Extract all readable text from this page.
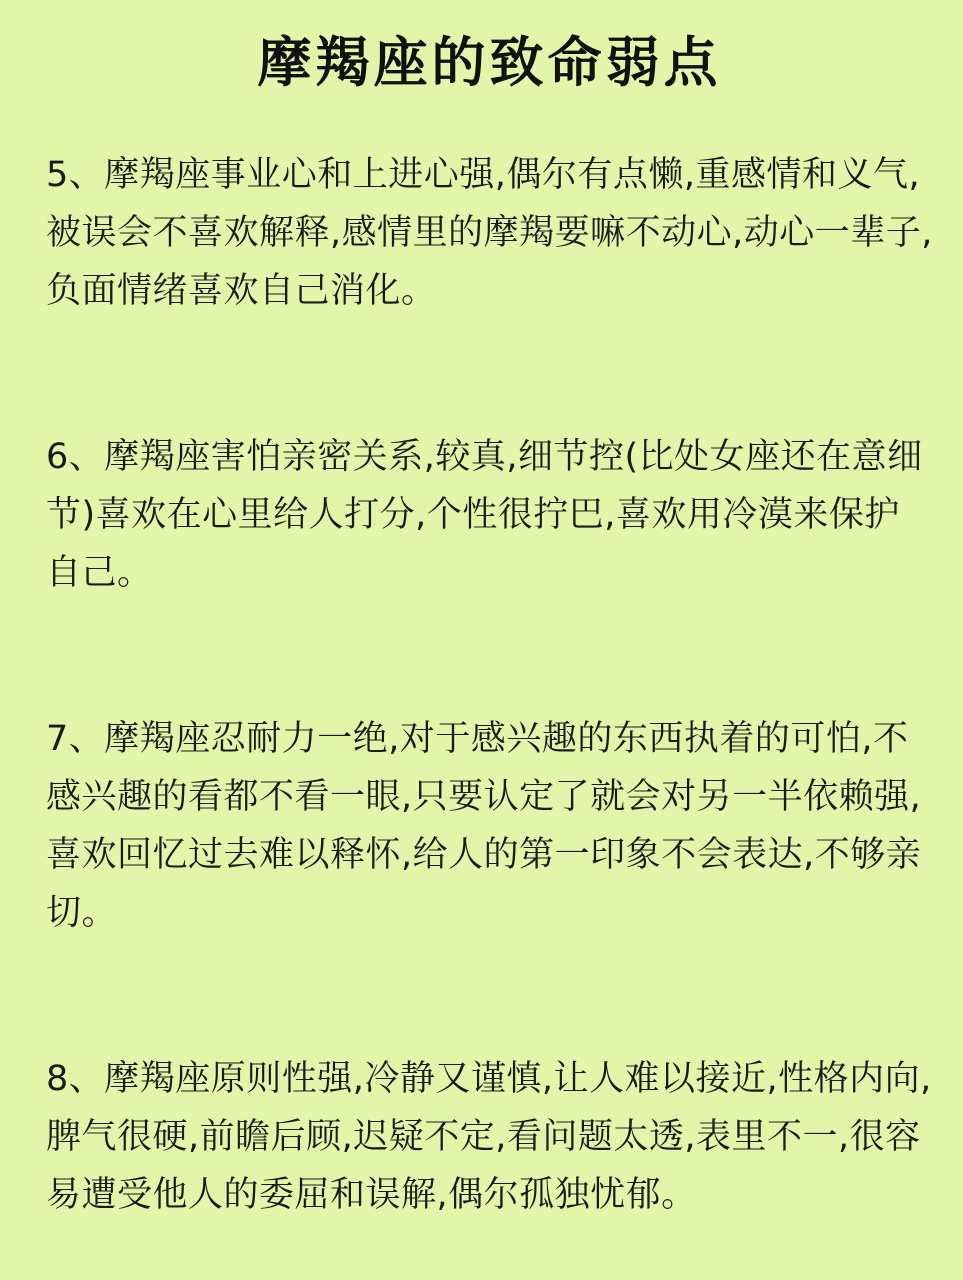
摩羯座的致命弱点

5、摩羯座事业心和上进心强,偶尔有点懒,重感情和义气,被误会不喜欢解释,感情里的摩羯要嘛不动心,动心一辈子,负面情绪喜欢自己消化。

6、摩羯座害怕亲密关系,较真,细节控(比处女座还在意细节)喜欢在心里给人打分,个性很拧巴,喜欢用冷漠来保护自己。

7、摩羯座忍耐力一绝,对于感兴趣的东西执着的可怕,不感兴趣的看都不看一眼,只要认定了就会对另一半依赖强,喜欢回忆过去难以释怀,给人的第一印象不会表达,不够亲切。

8、摩羯座原则性强,冷静又谨慎,让人难以接近,性格内向,脾气很硬,前瞻后顾,迟疑不定,看问题太透,表里不一,很容易遭受他人的委屈和误解,偶尔孤独忧郁。
